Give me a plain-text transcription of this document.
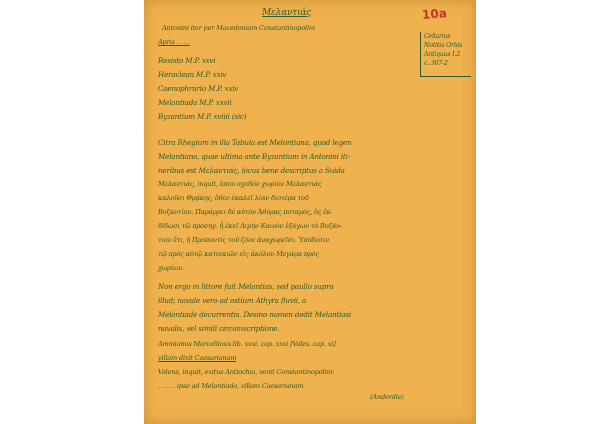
Μελαντιάς	10a
Cellarius
Notitia Orbis
Antiquus I.2
c. 367-2
Antonini iter per Macedoniam Constantinopolim
Apris . . . .
Resisto M.P. xxvi
Heraclean M.P. xxiv
Caenophrurio M.P. xxiv
Melantiada M.P. xxvii
Byzantium M.P. xviiii (sic)
Citra Rhegium in illa Tabula est Melontiana, quod legen
Melantiana, quae ultima ante Byzantium in Antonini iti-
neribus est Μελαντιάς, locus bene descriptus a Suida
Μελαντιάς, inquit, ὅπου σχεδὸν χωρίον Μελαντιάς
καλοῦσι Θρᾴκης, ὅθεν ἐκαλεῖ λίαν διοτέρα τοῦ
Βυζαντίου. Παράρρει δὲ αὐτὸν Ἀθύρας ποταμός, ὃς ἐκ-
δίδωσι τῷ προσηγ. ἧ ἐκεῖ Λιμὴν Καινὸν ἐξάγων τὸ Βυζάν-
τιον ἔτι, ἡ Προποντίς τοῦ ζόνε ἀναχωρεῖσι. Ὑπόδεσιν
τῷ πρὸς αὐτῷ κατοικιῶν εἰς ἀκόλου Μεγάρα πρὸς
χωρίων.
Non ergo in littore fuit Melantias, sed paullo supra
illud; navale vero ad ostium Athyra fluvii, a
Melantiade decurrentis. Desino nomen dedit Melantiasi
navalis, vel simili circumscriptione.
Ammianus Marcellinus lib. xxxi. cap. xxxi [Vales. cap. xi]
villam dixit Caesarianam
Valens, inquit, exitus Antiochia, venit Constantinopolim:
. . . . . ipse ad Melantiada, villam Caesarianam
(Anderdie)
